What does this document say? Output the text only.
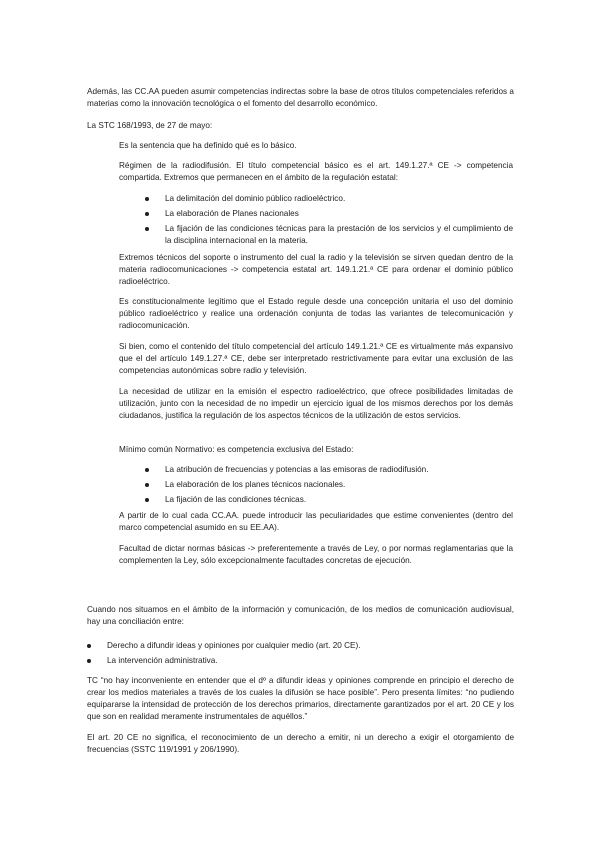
Además, las CC.AA pueden asumir competencias indirectas sobre la base de otros títulos competenciales referidos a materias como la innovación tecnológica o el fomento del desarrollo económico.

La STC 168/1993, de 27 de mayo:

Es la sentencia que ha definido qué es lo básico.

Régimen de la radiodifusión. El título competencial básico es el art. 149.1.27.ª CE -> competencia compartida. Extremos que permanecen en el ámbito de la regulación estatal:

La delimitación del dominio público radioeléctrico.
La elaboración de Planes nacionales
La fijación de las condiciones técnicas para la prestación de los servicios y el cumplimiento de la disciplina internacional en la materia.

Extremos técnicos del soporte o instrumento del cual la radio y la televisión se sirven quedan dentro de la materia radiocomunicaciones -> competencia estatal art. 149.1.21.ª CE para ordenar el dominio público radioeléctrico.

Es constitucionalmente legítimo que el Estado regule desde una concepción unitaria el uso del dominio público radioeléctrico y realice una ordenación conjunta de todas las variantes de telecomunicación y radiocomunicación.

Si bien, como el contenido del título competencial del artículo 149.1.21.ª CE es virtualmente más expansivo que el del artículo 149.1.27.ª CE, debe ser interpretado restrictivamente para evitar una exclusión de las competencias autonómicas sobre radio y televisión.

La necesidad de utilizar en la emisión el espectro radioeléctrico, que ofrece posibilidades limitadas de utilización, junto con la necesidad de no impedir un ejercicio igual de los mismos derechos por los demás ciudadanos, justifica la regulación de los aspectos técnicos de la utilización de estos servicios.

Mínimo común Normativo: es competencia exclusiva del Estado:

La atribución de frecuencias y potencias a las emisoras de radiodifusión.
La elaboración de los planes técnicos nacionales.
La fijación de las condiciones técnicas.

A partir de lo cual cada CC.AA. puede introducir las peculiaridades que estime convenientes (dentro del marco competencial asumido en su EE.AA).

Facultad de dictar normas básicas -> preferentemente a través de Ley, o por normas reglamentarias que la complementen la Ley, sólo excepcionalmente facultades concretas de ejecución.

Cuando nos situamos en el ámbito de la información y comunicación, de los medios de comunicación audiovisual, hay una conciliación entre:

Derecho a difundir ideas y opiniones por cualquier medio (art. 20 CE).
La intervención administrativa.

TC “no hay inconveniente en entender que el dº a difundir ideas y opiniones comprende en principio el derecho de crear los medios materiales a través de los cuales la difusión se hace posible”. Pero presenta límites: “no pudiendo equipararse la intensidad de protección de los derechos primarios, directamente garantizados por el art. 20 CE y los que son en realidad meramente instrumentales de aquéllos.”

El art. 20 CE no significa, el reconocimiento de un derecho a emitir, ni un derecho a exigir el otorgamiento de frecuencias (SSTC 119/1991 y 206/1990).
